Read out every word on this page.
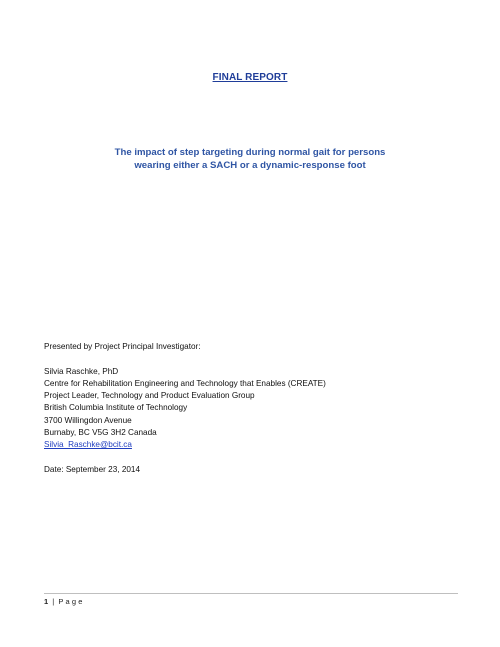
FINAL REPORT
The impact of step targeting during normal gait for persons
wearing either a SACH or a dynamic-response foot
Presented by Project Principal Investigator:
Silvia Raschke, PhD
Centre for Rehabilitation Engineering and Technology that Enables (CREATE)
Project Leader, Technology and Product Evaluation Group
British Columbia Institute of Technology
3700 Willingdon Avenue
Burnaby, BC V5G 3H2 Canada
Silvia_Raschke@bcit.ca
Date: September 23, 2014
1 | Page
